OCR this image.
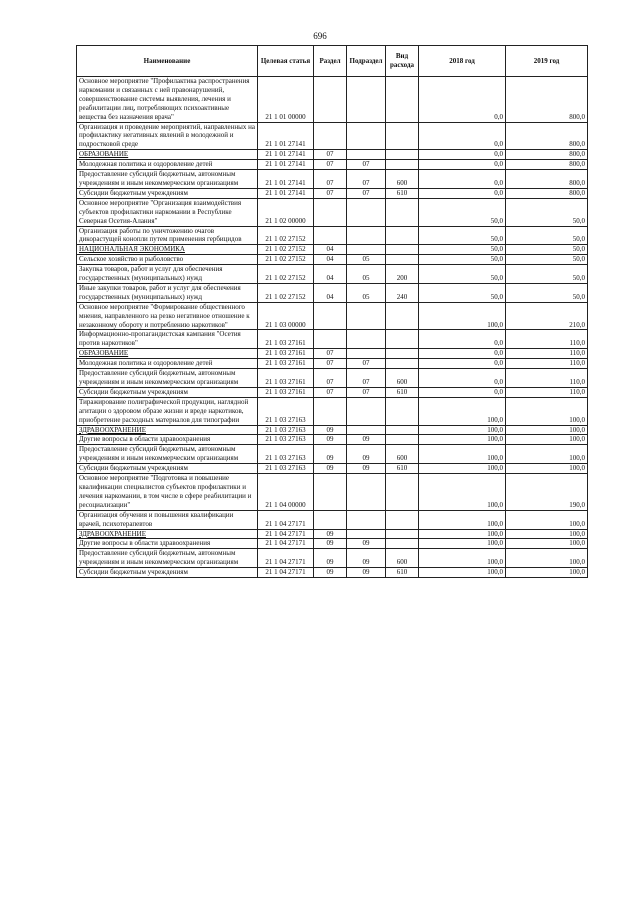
696
Наименование	Целевая статья	Раздел	Подраздел	Вид расхода	2018 год	2019 год
Основное мероприятие "Профилактика распространения наркомании и связанных с ней правонарушений, совершенствование системы выявления, лечения и реабилитации лиц, потребляющих психоактивные вещества без назначения врача"	21 1 01 00000				0,0	800,0
Организация и проведение мероприятий, направленных на профилактику негативных явлений в молодежной и подростковой среде	21 1 01 27141				0,0	800,0
ОБРАЗОВАНИЕ	21 1 01 27141	07			0,0	800,0
Молодежная политика и оздоровление детей	21 1 01 27141	07	07		0,0	800,0
Предоставление субсидий бюджетным, автономным учреждениям и иным некоммерческим организациям	21 1 01 27141	07	07	600	0,0	800,0
Субсидии бюджетным учреждениям	21 1 01 27141	07	07	610	0,0	800,0
Основное мероприятие "Организация взаимодействия субъектов профилактики наркомании в Республике Северная Осетия-Алания"	21 1 02 00000				50,0	50,0
Организация работы по уничтожению очагов дикорастущей конопли путем применения гербицидов	21 1 02 27152				50,0	50,0
НАЦИОНАЛЬНАЯ ЭКОНОМИКА	21 1 02 27152	04			50,0	50,0
Сельское хозяйство и рыболовство	21 1 02 27152	04	05		50,0	50,0
Закупка товаров, работ и услуг для обеспечения государственных (муниципальных) нужд	21 1 02 27152	04	05	200	50,0	50,0
Иные закупки товаров, работ и услуг для обеспечения государственных (муниципальных) нужд	21 1 02 27152	04	05	240	50,0	50,0
Основное мероприятие "Формирование общественного мнения, направленного на резко негативное отношение к незаконному обороту и потреблению наркотиков"	21 1 03 00000				100,0	210,0
Информационно-пропагандистская кампания "Осетия против наркотиков"	21 1 03 27161				0,0	110,0
ОБРАЗОВАНИЕ	21 1 03 27161	07			0,0	110,0
Молодежная политика и оздоровление детей	21 1 03 27161	07	07		0,0	110,0
Предоставление субсидий бюджетным, автономным учреждениям и иным некоммерческим организациям	21 1 03 27161	07	07	600	0,0	110,0
Субсидии бюджетным учреждениям	21 1 03 27161	07	07	610	0,0	110,0
Тиражирование полиграфической продукции, наглядной агитации о здоровом образе жизни и вреде наркотиков, приобретение расходных материалов для типографии	21 1 03 27163				100,0	100,0
ЗДРАВООХРАНЕНИЕ	21 1 03 27163	09			100,0	100,0
Другие вопросы в области здравоохранения	21 1 03 27163	09	09		100,0	100,0
Предоставление субсидий бюджетным, автономным учреждениям и иным некоммерческим организациям	21 1 03 27163	09	09	600	100,0	100,0
Субсидии бюджетным учреждениям	21 1 03 27163	09	09	610	100,0	100,0
Основное мероприятие "Подготовка и повышение квалификации специалистов субъектов профилактики и лечения наркомании, в том числе в сфере реабилитации и ресоциализации"	21 1 04 00000				100,0	190,0
Организация обучения и повышения квалификации врачей, психотерапевтов	21 1 04 27171				100,0	100,0
ЗДРАВООХРАНЕНИЕ	21 1 04 27171	09			100,0	100,0
Другие вопросы в области здравоохранения	21 1 04 27171	09	09		100,0	100,0
Предоставление субсидий бюджетным, автономным учреждениям и иным некоммерческим организациям	21 1 04 27171	09	09	600	100,0	100,0
Субсидии бюджетным учреждениям	21 1 04 27171	09	09	610	100,0	100,0
